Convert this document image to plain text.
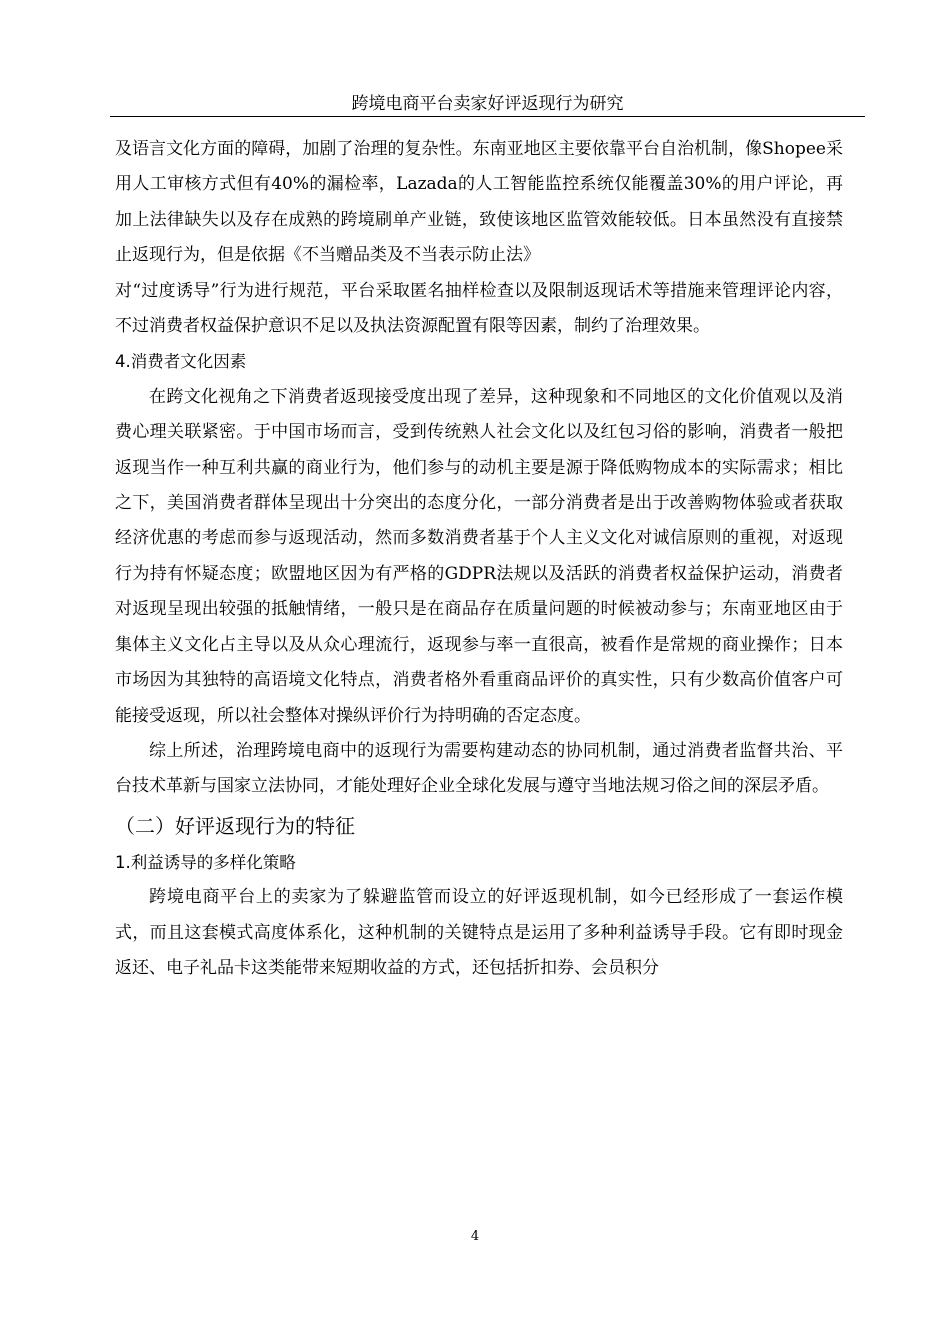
跨境电商平台卖家好评返现行为研究

及语言文化方面的障碍，加剧了治理的复杂性。东南亚地区主要依靠平台自治机制，像Shopee采用人工审核方式但有40%的漏检率，Lazada的人工智能监控系统仅能覆盖30%的用户评论，再加上法律缺失以及存在成熟的跨境刷单产业链，致使该地区监管效能较低。日本虽然没有直接禁止返现行为，但是依据《不当赠品类及不当表示防止法》

对“过度诱导”行为进行规范，平台采取匿名抽样检查以及限制返现话术等措施来管理评论内容，不过消费者权益保护意识不足以及执法资源配置有限等因素，制约了治理效果。

4.消费者文化因素

在跨文化视角之下消费者返现接受度出现了差异，这种现象和不同地区的文化价值观以及消费心理关联紧密。于中国市场而言，受到传统熟人社会文化以及红包习俗的影响，消费者一般把返现当作一种互利共赢的商业行为，他们参与的动机主要是源于降低购物成本的实际需求；相比之下，美国消费者群体呈现出十分突出的态度分化，一部分消费者是出于改善购物体验或者获取经济优惠的考虑而参与返现活动，然而多数消费者基于个人主义文化对诚信原则的重视，对返现行为持有怀疑态度；欧盟地区因为有严格的GDPR法规以及活跃的消费者权益保护运动，消费者对返现呈现出较强的抵触情绪，一般只是在商品存在质量问题的时候被动参与；东南亚地区由于集体主义文化占主导以及从众心理流行，返现参与率一直很高，被看作是常规的商业操作；日本市场因为其独特的高语境文化特点，消费者格外看重商品评价的真实性，只有少数高价值客户可能接受返现，所以社会整体对操纵评价行为持明确的否定态度。

综上所述，治理跨境电商中的返现行为需要构建动态的协同机制，通过消费者监督共治、平台技术革新与国家立法协同，才能处理好企业全球化发展与遵守当地法规习俗之间的深层矛盾。

（二）好评返现行为的特征
1.利益诱导的多样化策略

跨境电商平台上的卖家为了躲避监管而设立的好评返现机制，如今已经形成了一套运作模式，而且这套模式高度体系化，这种机制的关键特点是运用了多种利益诱导手段。它有即时现金返还、电子礼品卡这类能带来短期收益的方式，还包括折扣券、会员积分

4
